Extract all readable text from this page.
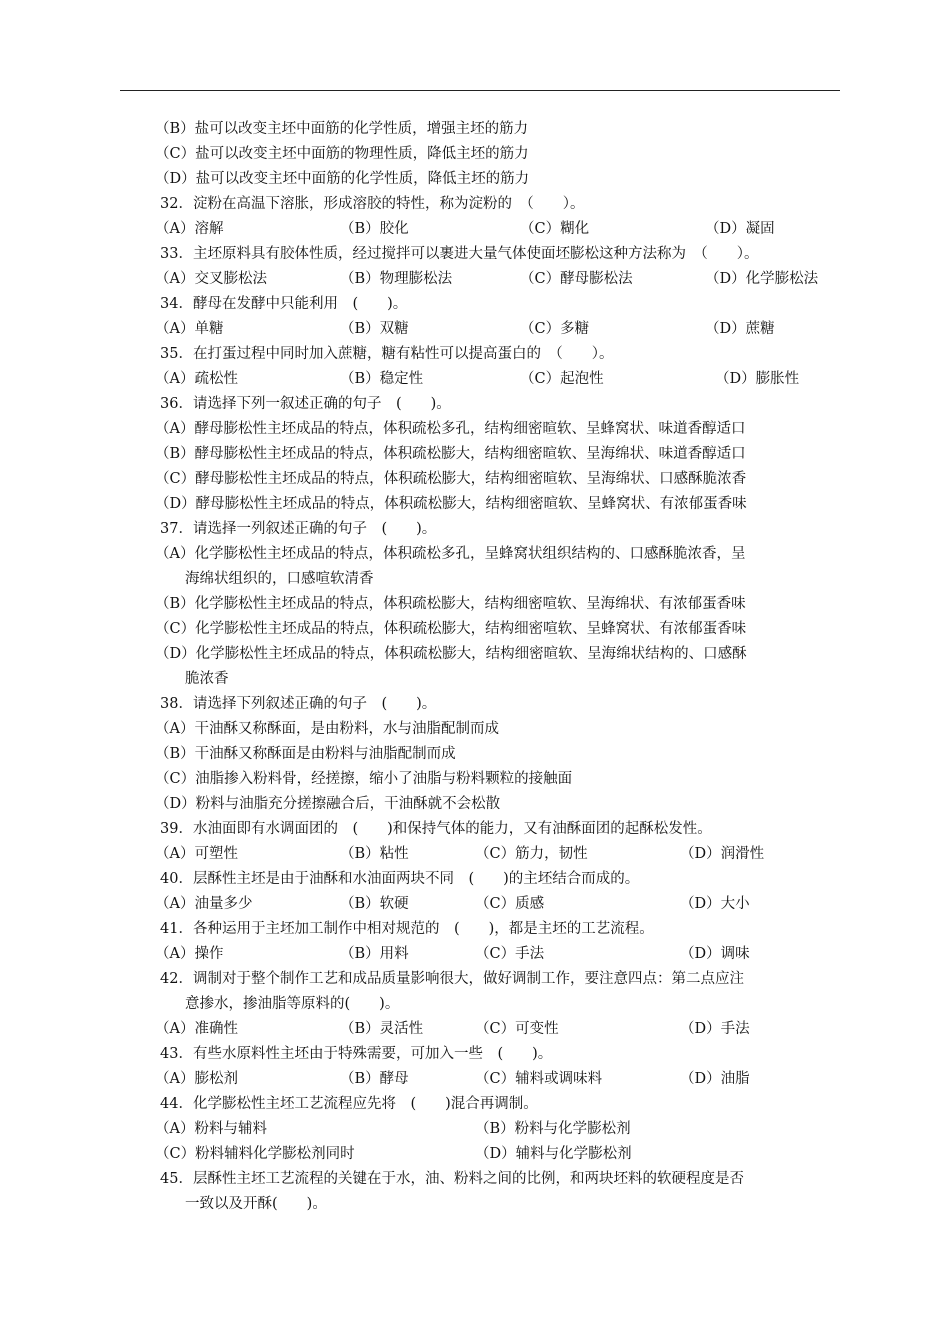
（B）盐可以改变主坯中面筋的化学性质，增强主坯的筋力
（C）盐可以改变主坯中面筋的物理性质，降低主坯的筋力
（D）盐可以改变主坯中面筋的化学性质，降低主坯的筋力
32．淀粉在高温下溶胀，形成溶胶的特性，称为淀粉的　（　　）。
（A）溶解	（B）胶化	（C）糊化	（D）凝固
33．主坯原料具有胶体性质，经过搅拌可以裹进大量气体使面坯膨松这种方法称为　（　　）。
（A）交叉膨松法	（B）物理膨松法	（C）酵母膨松法	（D）化学膨松法
34．酵母在发酵中只能利用　(　　)。
（A）单糖	（B）双糖	（C）多糖	（D）蔗糖
35．在打蛋过程中同时加入蔗糖，糖有粘性可以提高蛋白的　（　　）。
（A）疏松性	（B）稳定性	（C）起泡性	（D）膨胀性
36．请选择下列一叙述正确的句子　(　　)。
（A）酵母膨松性主坯成品的特点，体积疏松多孔，结构细密暄软、呈蜂窝状、味道香醇适口
（B）酵母膨松性主坯成品的特点，体积疏松膨大，结构细密暄软、呈海绵状、味道香醇适口
（C）酵母膨松性主坯成品的特点，体积疏松膨大，结构细密暄软、呈海绵状、口感酥脆浓香
（D）酵母膨松性主坯成品的特点，体积疏松膨大，结构细密暄软、呈蜂窝状、有浓郁蛋香味
37．请选择一列叙述正确的句子　(　　)。
（A）化学膨松性主坯成品的特点，体积疏松多孔，呈蜂窝状组织结构的、口感酥脆浓香，呈
海绵状组织的，口感喧软清香
（B）化学膨松性主坯成品的特点，体积疏松膨大，结构细密喧软、呈海绵状、有浓郁蛋香味
（C）化学膨松性主坯成品的特点，体积疏松膨大，结构细密喧软、呈蜂窝状、有浓郁蛋香味
（D）化学膨松性主坯成品的特点，体积疏松膨大，结构细密暄软、呈海绵状结构的、口感酥
脆浓香
38．请选择下列叙述正确的句子　(　　)。
（A）干油酥又称酥面，是由粉料，水与油脂配制而成
（B）干油酥又称酥面是由粉料与油脂配制而成
（C）油脂掺入粉料骨，经搓擦，缩小了油脂与粉料颗粒的接触面
（D）粉料与油脂充分搓擦融合后，干油酥就不会松散
39．水油面即有水调面团的　(　　)和保持气体的能力，又有油酥面团的起酥松发性。
（A）可塑性	（B）粘性	（C）筋力，韧性	（D）润滑性
40．层酥性主坯是由于油酥和水油面两块不同　(　　)的主坯结合而成的。
（A）油量多少	（B）软硬	（C）质感	（D）大小
41．各种运用于主坯加工制作中相对规范的　(　　)，都是主坯的工艺流程。
（A）操作	（B）用料	（C）手法	（D）调味
42．调制对于整个制作工艺和成品质量影响很大，做好调制工作，要注意四点：第二点应注
意掺水，掺油脂等原料的(　　)。
（A）准确性	（B）灵活性	（C）可变性	（D）手法
43．有些水原料性主坯由于特殊需要，可加入一些　(　　)。
（A）膨松剂	（B）酵母	（C）辅料或调味料	（D）油脂
44．化学膨松性主坯工艺流程应先将　(　　)混合再调制。
（A）粉料与辅料	（B）粉料与化学膨松剂
（C）粉料辅料化学膨松剂同时	（D）辅料与化学膨松剂
45．层酥性主坯工艺流程的关键在于水，油、粉料之间的比例，和两块坯料的软硬程度是否
一致以及开酥(　　)。
